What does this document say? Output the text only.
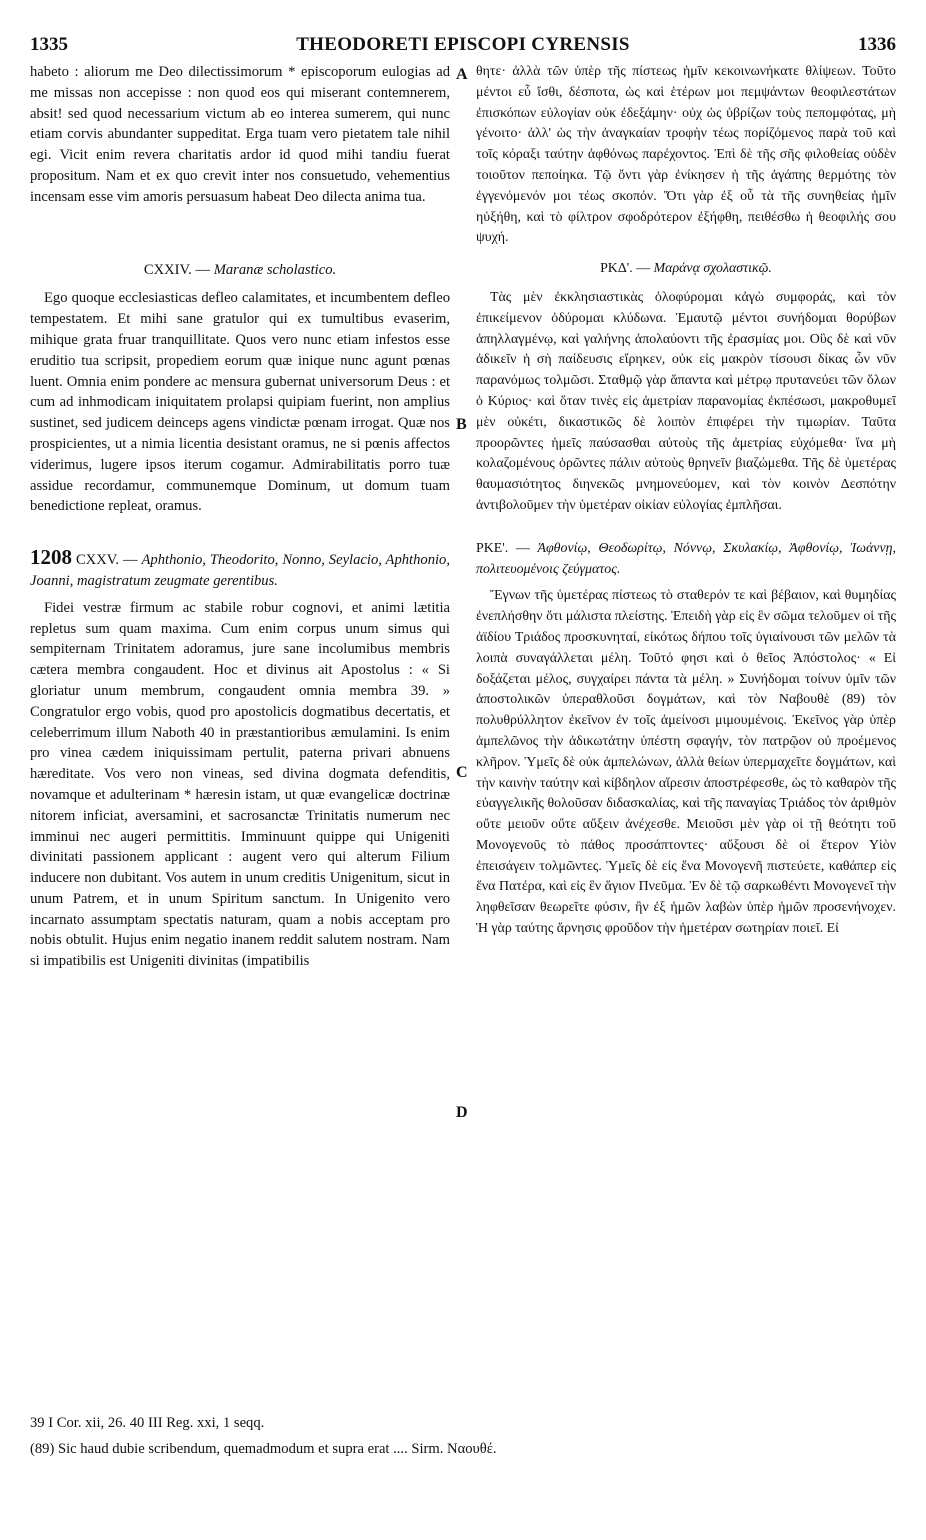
1335	THEODORETI EPISCOPI CYRENSIS	1336
A
B
C
D

habeto : aliorum me Deo dilectissimorum * episcoporum eulogias ad me missas non accepisse : non quod eos qui miserant contemnerem, absit! sed quod necessarium victum ab eo interea sumerem, qui nunc etiam corvis abundanter suppeditat. Erga tuam vero pietatem tale nihil egi. Vicit enim revera charitatis ardor id quod mihi tandiu fuerat propositum. Nam et ex quo crevit inter nos consuetudo, vehementius incensam esse vim amoris persuasum habeat Deo dilecta anima tua.

CXXIV. — Maranæ scholastico.

Ego quoque ecclesiasticas defleo calamitates, et incumbentem defleo tempestatem. Et mihi sane gratulor qui ex tumultibus evaserim, mihique grata fruar tranquillitate. Quos vero nunc etiam infestos esse eruditio tua scripsit, propediem eorum quæ inique nunc agunt pœnas luent. Omnia enim pondere ac mensura gubernat universorum Deus : et cum ad inhmodicam iniquitatem prolapsi quipiam fuerint, non amplius sustinet, sed judicem deinceps agens vindictæ pœnam irrogat. Quæ nos prospicientes, ut a nimia licentia desistant oramus, ne si pœnis affectos viderimus, lugere ipsos iterum cogamur. Admirabilitatis porro tuæ assidue recordamur, communemque Dominum, ut domum tuam benedictione repleat, oramus.

1208 CXXV. — Aphthonio, Theodorito, Nonno, Seylacio, Aphthonio, Joanni, magistratum zeugmate gerentibus.

Fidei vestræ firmum ac stabile robur cognovi, et animi lætitia repletus sum quam maxima. Cum enim corpus unum simus qui sempiternam Trinitatem adoramus, jure sane incolumibus membris cætera membra congaudent. Hoc et divinus ait Apostolus : « Si gloriatur unum membrum, congaudent omnia membra 39. » Congratulor ergo vobis, quod pro apostolicis dogmatibus decertatis, et celeberrimum illum Naboth 40 in præstantioribus æmulamini. Is enim pro vinea cædem iniquissimam pertulit, paterna privari abnuens hæreditate. Vos vero non vineas, sed divina dogmata defenditis, novamque et adulterinam * hæresin istam, ut quæ evangelicæ doctrinæ nitorem inficiat, aversamini, et sacrosanctæ Trinitatis numerum nec imminui nec augeri permittitis. Imminuunt quippe qui Unigeniti divinitati passionem applicant : augent vero qui alterum Filium inducere non dubitant. Vos autem in unum creditis Unigenitum, sicut in unum Patrem, et in unum Spiritum sanctum. In Unigenito vero incarnato assumptam spectatis naturam, quam a nobis acceptam pro nobis obtulit. Hujus enim negatio inanem reddit salutem nostram. Nam si impatibilis est Unigeniti divinitas (impatibilis

θητε· ἀλλὰ τῶν ὑπὲρ τῆς πίστεως ἡμῖν κεκοινωνήκατε θλίψεων. Τοῦτο μέντοι εὖ ἴσθι, δέσποτα, ὡς καὶ ἑτέρων μοι πεμψάντων θεοφιλεστάτων ἐπισκόπων εὐλογίαν οὐκ ἐδεξάμην· οὐχ ὡς ὑβρίζων τοὺς πεπομφότας, μὴ γένοιτο· ἀλλ' ὡς τὴν ἀναγκαίαν τροφὴν τέως πορίζόμενος παρὰ τοῦ καὶ τοῖς κόραξι ταύτην ἀφθόνως παρέχοντος. Ἐπὶ δὲ τῆς σῆς φιλοθείας οὐδὲν τοιοῦτον πεποίηκα. Τῷ ὄντι γὰρ ἐνίκησεν ἡ τῆς ἀγάπης θερμότης τὸν ἐγγενόμενόν μοι τέως σκοπόν. Ὅτι γὰρ ἐξ οὗ τὰ τῆς συνηθείας ἡμῖν ηὐξήθη, καὶ τὸ φίλτρον σφοδρότερον ἐξήφθη, πειθέσθω ἡ θεοφιλής σου ψυχή.

ΡΚΔ'. — Μαράνᾳ σχολαστικῷ.

Τὰς μὲν ἐκκλησιαστικὰς ὀλοφύρομαι κἀγὼ συμφοράς, καὶ τὸν ἐπικείμενον ὀδύρομαι κλύδωνα. Ἐμαυτῷ μέντοι συνήδομαι θορύβων ἀπηλλαγμένῳ, καὶ γαλήνης ἀπολαύοντι τῆς ἐρασμίας μοι. Οὓς δὲ καὶ νῦν ἀδικεῖν ἡ σὴ παίδευσις εἴρηκεν, οὐκ εἰς μακρὸν τίσουσι δίκας ὧν νῦν παρανόμως τολμῶσι. Σταθμῷ γὰρ ἅπαντα καὶ μέτρῳ πρυτανεύει τῶν ὅλων ὁ Κύριος· καὶ ὅταν τινὲς εἰς ἀμετρίαν παρανομίας ἐκπέσωσι, μακροθυμεῖ μὲν οὐκέτι, δικαστικῶς δὲ λοιπὸν ἐπιφέρει τὴν τιμωρίαν. Ταῦτα προορῶντες ἡμεῖς παύσασθαι αὐτοὺς τῆς ἀμετρίας εὐχόμεθα· ἵνα μὴ κολαζομένους ὁρῶντες πάλιν αὐτοὺς θρηνεῖν βιαζώμεθα. Τῆς δὲ ὑμετέρας θαυμασιότητος διηνεκῶς μνημονεύομεν, καὶ τὸν κοινὸν Δεσπότην ἀντιβολοῦμεν τὴν ὑμετέραν οἰκίαν εὐλογίας ἐμπλῆσαι.

ΡΚΕ'. — Ἀφθονίῳ, Θεοδωρίτῳ, Νόννῳ, Σκυλακίῳ, Ἀφθονίῳ, Ἰωάννῃ, πολιτευομένοις ζεύγματος.

Ἔγνων τῆς ὑμετέρας πίστεως τὸ σταθερόν τε καὶ βέβαιον, καὶ θυμηδίας ἐνεπλήσθην ὅτι μάλιστα πλείστης. Ἐπειδὴ γὰρ εἰς ἓν σῶμα τελοῦμεν οἱ τῆς ἀϊδίου Τριάδος προσκυνηταί, εἰκότως δήπου τοῖς ὑγιαίνουσι τῶν μελῶν τὰ λοιπὰ συναγάλλεται μέλη. Τοῦτό φησι καὶ ὁ θεῖος Ἀπόστολος· « Εἰ δοξάζεται μέλος, συγχαίρει πάντα τὰ μέλη. » Συνήδομαι τοίνυν ὑμῖν τῶν ἀποστολικῶν ὑπεραθλοῦσι δογμάτων, καὶ τὸν Ναβουθὲ (89) τὸν πολυθρύλλητον ἐκεῖνον ἐν τοῖς ἀμείνοσι μιμουμένοις. Ἐκεῖνος γὰρ ὑπὲρ ἀμπελῶνος τὴν ἀδικωτάτην ὑπέστη σφαγήν, τὸν πατρῷον οὐ προέμενος κλῆρον. Ὑμεῖς δὲ οὐκ ἀμπελώνων, ἀλλὰ θείων ὑπερμαχεῖτε δογμάτων, καὶ τὴν καινὴν ταύτην καὶ κίβδηλον αἵρεσιν ἀποστρέφεσθε, ὡς τὸ καθαρὸν τῆς εὐαγγελικῆς θολοῦσαν διδασκαλίας, καὶ τῆς παναγίας Τριάδος τὸν ἀριθμὸν οὔτε μειοῦν οὔτε αὔξειν ἀνέχεσθε. Μειοῦσι μὲν γὰρ οἱ τῇ θεότητι τοῦ Μονογενοῦς τὸ πάθος προσάπτοντες· αὔξουσι δὲ οἱ ἕτερον Υἱὸν ἐπεισάγειν τολμῶντες. Ὑμεῖς δὲ εἰς ἕνα Μονογενῆ πιστεύετε, καθάπερ εἰς ἕνα Πατέρα, καὶ εἰς ἓν ἅγιον Πνεῦμα. Ἐν δὲ τῷ σαρκωθέντι Μονογενεῖ τὴν ληφθεῖσαν θεωρεῖτε φύσιν, ἣν ἐξ ἡμῶν λαβὼν ὑπὲρ ἡμῶν προσενήνοχεν. Ἡ γὰρ ταύτης ἄρνησις φροῦδον τὴν ἡμετέραν σωτηρίαν ποιεῖ. Εἰ

39 I Cor. xii, 26. 40 III Reg. xxi, 1 seqq.

(89) Sic haud dubie scribendum, quemadmodum et supra erat .... Sirm. Ναουθέ.
